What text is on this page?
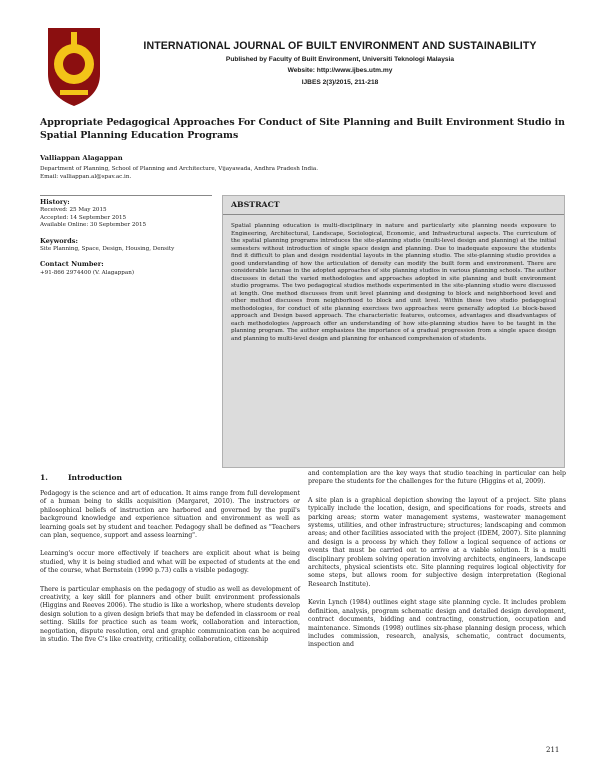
INTERNATIONAL JOURNAL OF BUILT ENVIRONMENT AND SUSTAINABILITY
Published by Faculty of Built Environment, Universiti Teknologi Malaysia
Website: http://www.ijbes.utm.my
IJBES 2(3)/2015, 211-218
Appropriate Pedagogical Approaches For Conduct of Site Planning and Built Environment Studio in Spatial Planning Education Programs
Valliappan Alagappan
Department of Planning, School of Planning and Architecture, Vijayawada, Andhra Pradesh India.
Email: valliappan.al@spav.ac.in.
History:
Received: 25 May 2015
Accepted: 14 September 2015
Available Online: 30 September 2015
Keywords:
Site Planning, Space, Design, Housing, Density
Contact Number:
+91-866 2974400 (V. Alagappan)
ABSTRACT
Spatial planning education is multi-disciplinary in nature and particularly site planning needs exposure to Engineering, Architectural, Landscape, Sociological, Economic, and Infrastructural aspects. The curriculum of the spatial planning programs introduces the site-planning studio (multi-level design and planning) at the initial semesters without introduction of single space design and planning. Due to inadequate exposure the students find it difficult to plan and design residential layouts in the planning studio. The site-planning studio provides a good understanding of how the articulation of density can modify the built form and environment. There are considerable lacunae in the adopted approaches of site planning studios in various planning schools. The author discusses in detail the varied methodologies and approaches adopted in site planning and built environment studio programs. The two pedagogical studios methods experimented in the site-planning studio were discussed at length. One method discusses from unit level planning and designing to block and neighborhood level and other method discusses from neighborhood to block and unit level. Within these two studio pedagogical methodologies, for conduct of site planning exercises two approaches were generally adopted i.e block-based approach and Design based approach. The characteristic features, outcomes, advantages and disadvantages of each methodologies /approach offer an understanding of how site-planning studios have to be taught in the planning program. The author emphasizes the importance of a gradual progression from a single space design and planning to multi-level design and planning for enhanced comprehension of students.
1.	Introduction

Pedagogy is the science and art of education. It aims range from full development of a human being to skills acquisition (Margaret, 2010). The instructors or philosophical beliefs of instruction are harbored and governed by the pupil's background knowledge and experience situation and environment as well as learning goals set by student and teacher. Pedagogy shall be defined as "Teachers can plan, sequence, support and assess learning".

Learning's occur more effectively if teachers are explicit about what is being studied, why it is being studied and what will be expected of students at the end of the course, what Bernstein (1990 p.73) calls a visible pedagogy.

There is particular emphasis on the pedagogy of studio as well as development of creativity, a key skill for planners and other built environment professionals (Higgins and Reeves 2006). The studio is like a workshop, where students develop design solution to a given design briefs that may be defended in classroom or real setting. Skills for practice such as team work, collaboration and interaction, negotiation, dispute resolution, oral and graphic communication can be acquired in studio. The five C's like creativity, criticality, collaboration, citizenship

and contemplation are the key ways that studio teaching in particular can help prepare the students for the challenges for the future (Higgins et al, 2009).

A site plan is a graphical depiction showing the layout of a project. Site plans typically include the location, design, and specifications for roads, streets and parking areas; storm water management systems, wastewater management systems, utilities, and other infrastructure; structures; landscaping and common areas; and other facilities associated with the project (IDEM, 2007). Site planning and design is a process by which they follow a logical sequence of actions or events that must be carried out to arrive at a viable solution. It is a multi disciplinary problem solving operation involving architects, engineers, landscape architects, physical scientists etc. Site planning requires logical objectivity for some steps, but allows room for subjective design interpretation (Regional Research Institute).

Kevin Lynch (1984) outlines eight stage site planning cycle. It includes problem definition, analysis, program schematic design and detailed design development, contract documents, bidding and contracting, construction, occupation and maintenance. Simonds (1998) outlines six-phase planning design process, which includes commission, research, analysis, schematic, contract documents, inspection and

211
